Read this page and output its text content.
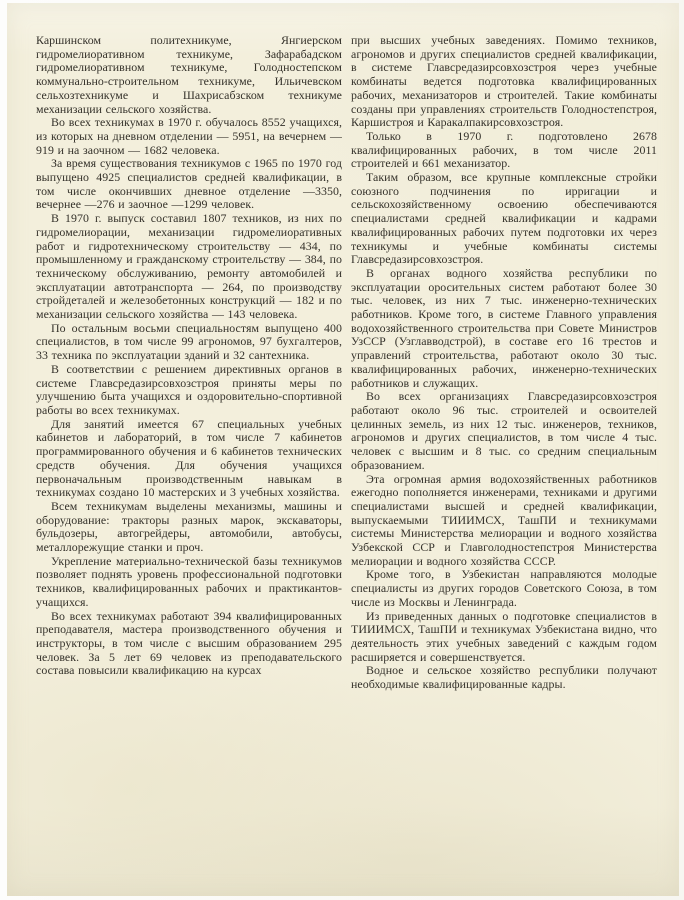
Каршинском политехникуме, Янгиерском гидромелиоративном техникуме, Зафарабадском гидромелиоративном техникуме, Голодностепском коммунально-строительном техникуме, Ильичевском сельхозтехникуме и Шахрисабзском техникуме механизации сельского хозяйства.

Во всех техникумах в 1970 г. обучалось 8552 учащихся, из которых на дневном отделении — 5951, на вечернем — 919 и на заочном — 1682 человека.

За время существования техникумов с 1965 по 1970 год выпущено 4925 специалистов средней квалификации, в том числе окончивших дневное отделение —3350, вечернее —276 и заочное —1299 человек.

В 1970 г. выпуск составил 1807 техников, из них по гидромелиорации, механизации гидромелиоративных работ и гидротехническому строительству — 434, по промышленному и гражданскому строительству — 384, по техническому обслуживанию, ремонту автомобилей и эксплуатации автотранспорта — 264, по производству стройдеталей и железобетонных конструкций — 182 и по механизации сельского хозяйства — 143 человека.

По остальным восьми специальностям выпущено 400 специалистов, в том числе 99 агрономов, 97 бухгалтеров, 33 техника по эксплуатации зданий и 32 сантехника.

В соответствии с решением директивных органов в системе Главсредазирсовхозстроя приняты меры по улучшению быта учащихся и оздоровительно-спортивной работы во всех техникумах.

Для занятий имеется 67 специальных учебных кабинетов и лабораторий, в том числе 7 кабинетов программированного обучения и 6 кабинетов технических средств обучения. Для обучения учащихся первоначальным производственным навыкам в техникумах создано 10 мастерских и 3 учебных хозяйства.

Всем техникумам выделены механизмы, машины и оборудование: тракторы разных марок, экскаваторы, бульдозеры, автогрейдеры, автомобили, автобусы, металлорежущие станки и проч.

Укрепление материально-технической базы техникумов позволяет поднять уровень профессиональной подготовки техников, квалифицированных рабочих и практикантов-учащихся.

Во всех техникумах работают 394 квалифицированных преподавателя, мастера производственного обучения и инструкторы, в том числе с высшим образованием 295 человек. За 5 лет 69 человек из преподавательского состава повысили квалификацию на курсах

при высших учебных заведениях. Помимо техников, агрономов и других специалистов средней квалификации, в системе Главсредазирсовхозстроя через учебные комбинаты ведется подготовка квалифицированных рабочих, механизаторов и строителей. Такие комбинаты созданы при управлениях строительств Голодностепстроя, Каршистроя и Каракалпакирсовхозстроя.

Только в 1970 г. подготовлено 2678 квалифицированных рабочих, в том числе 2011 строителей и 661 механизатор.

Таким образом, все крупные комплексные стройки союзного подчинения по ирригации и сельскохозяйственному освоению обеспечиваются специалистами средней квалификации и кадрами квалифицированных рабочих путем подготовки их через техникумы и учебные комбинаты системы Главсредазирсовхозстроя.

В органах водного хозяйства республики по эксплуатации оросительных систем работают более 30 тыс. человек, из них 7 тыс. инженерно-технических работников. Кроме того, в системе Главного управления водохозяйственного строительства при Совете Министров УзССР (Узглавводстрой), в составе его 16 трестов и управлений строительства, работают около 30 тыс. квалифицированных рабочих, инженерно-технических работников и служащих.

Во всех организациях Главсредазирсовхозстроя работают около 96 тыс. строителей и освоителей целинных земель, из них 12 тыс. инженеров, техников, агрономов и других специалистов, в том числе 4 тыс. человек с высшим и 8 тыс. со средним специальным образованием.

Эта огромная армия водохозяйственных работников ежегодно пополняется инженерами, техниками и другими специалистами высшей и средней квалификации, выпускаемыми ТИИИМСХ, ТашПИ и техникумами системы Министерства мелиорации и водного хозяйства Узбекской ССР и Главголодностепстроя Министерства мелиорации и водного хозяйства СССР.

Кроме того, в Узбекистан направляются молодые специалисты из других городов Советского Союза, в том числе из Москвы и Ленинграда.

Из приведенных данных о подготовке специалистов в ТИИИМСХ, ТашПИ и техникумах Узбекистана видно, что деятельность этих учебных заведений с каждым годом расширяется и совершенствуется.

Водное и сельское хозяйство республики получают необходимые квалифицированные кадры.
